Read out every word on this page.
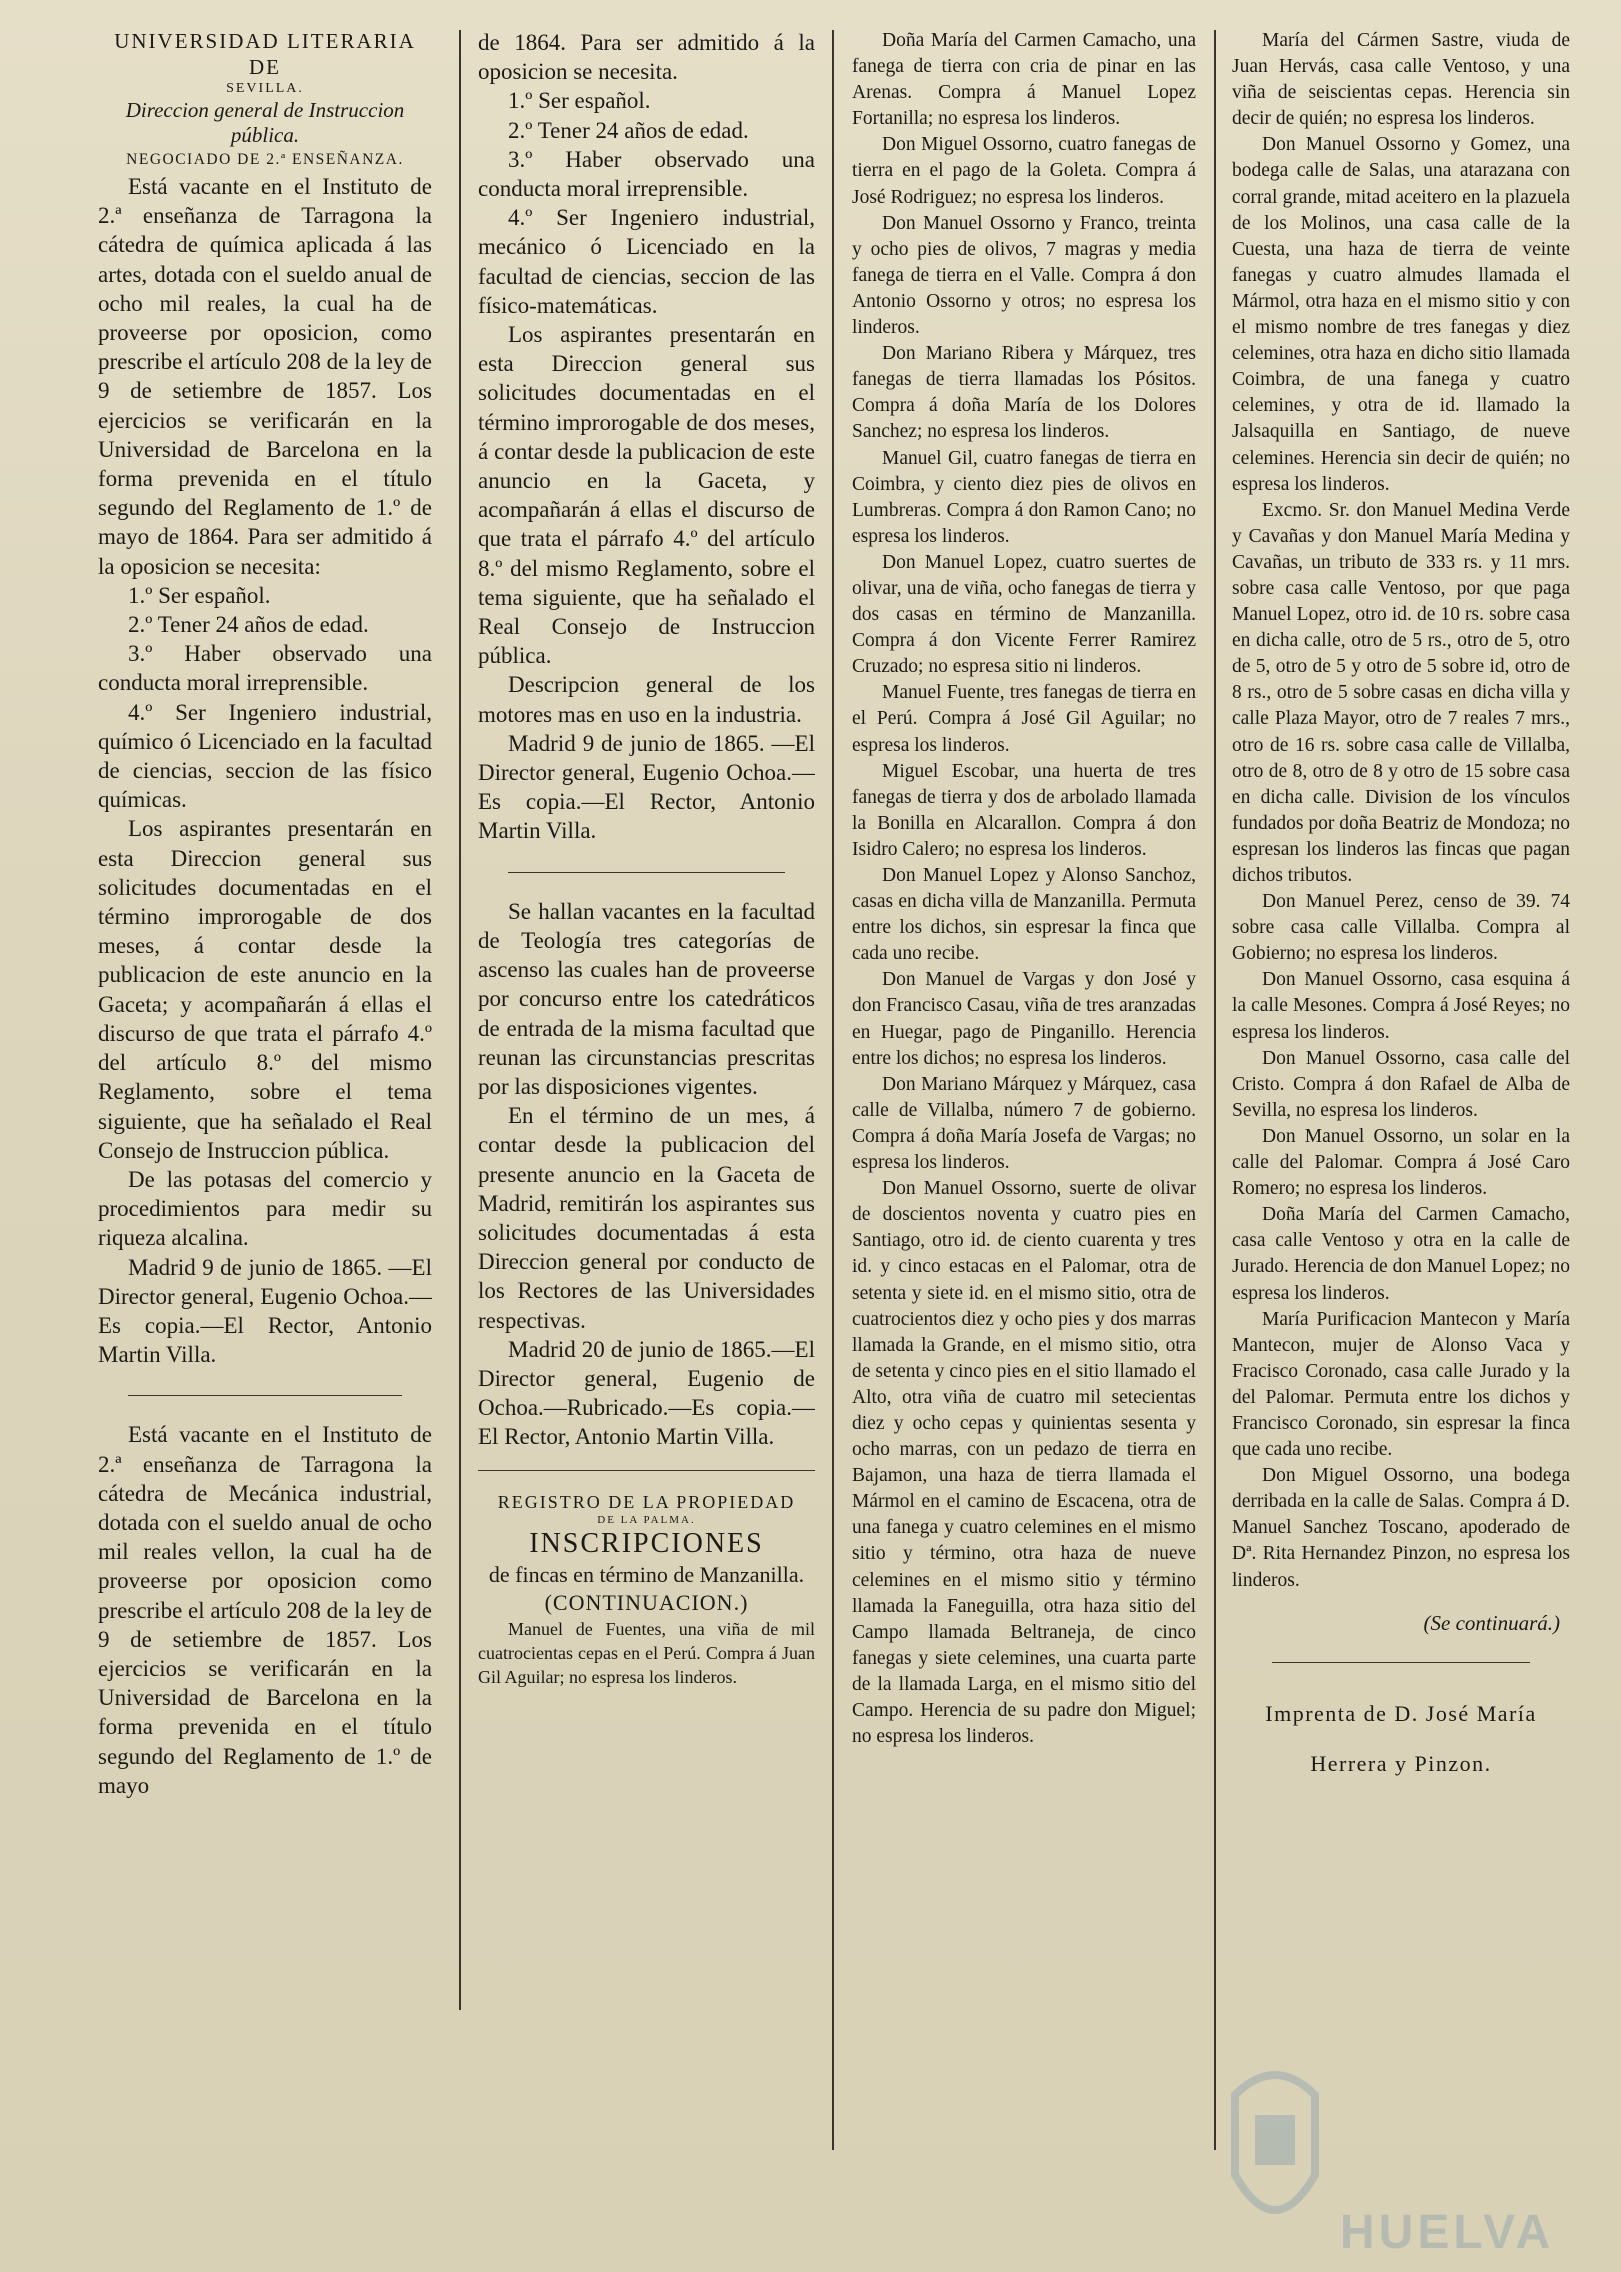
UNIVERSIDAD LITERARIA DE

SEVILLA.

Direccion general de Instruccion pública.

NEGOCIADO DE 2.ª ENSEÑANZA.

Está vacante en el Instituto de 2.ª enseñanza de Tarragona la cátedra de química aplicada á las artes, dotada con el sueldo anual de ocho mil reales, la cual ha de proveerse por oposicion, como prescribe el artículo 208 de la ley de 9 de setiembre de 1857. Los ejercicios se verificarán en la Universidad de Barcelona en la forma prevenida en el título segundo del Reglamento de 1.º de mayo de 1864. Para ser admitido á la oposicion se necesita:

1.º Ser español.

2.º Tener 24 años de edad.

3.º Haber observado una conducta moral irreprensible.

4.º Ser Ingeniero industrial, químico ó Licenciado en la facultad de ciencias, seccion de las físico químicas.

Los aspirantes presentarán en esta Direccion general sus solicitudes documentadas en el término improrogable de dos meses, á contar desde la publicacion de este anuncio en la Gaceta; y acompañarán á ellas el discurso de que trata el párrafo 4.º del artículo 8.º del mismo Reglamento, sobre el tema siguiente, que ha señalado el Real Consejo de Instruccion pública.

De las potasas del comercio y procedimientos para medir su riqueza alcalina.

Madrid 9 de junio de 1865. —El Director general, Eugenio Ochoa.—Es copia.—El Rector, Antonio Martin Villa.

Está vacante en el Instituto de 2.ª enseñanza de Tarragona la cátedra de Mecánica industrial, dotada con el sueldo anual de ocho mil reales vellon, la cual ha de proveerse por oposicion como prescribe el artículo 208 de la ley de 9 de setiembre de 1857. Los ejercicios se verificarán en la Universidad de Barcelona en la forma prevenida en el título segundo del Reglamento de 1.º de mayo

de 1864. Para ser admitido á la oposicion se necesita.

1.º Ser español.

2.º Tener 24 años de edad.

3.º Haber observado una conducta moral irreprensible.

4.º Ser Ingeniero industrial, mecánico ó Licenciado en la facultad de ciencias, seccion de las físico-matemáticas.

Los aspirantes presentarán en esta Direccion general sus solicitudes documentadas en el término improrogable de dos meses, á contar desde la publicacion de este anuncio en la Gaceta, y acompañarán á ellas el discurso de que trata el párrafo 4.º del artículo 8.º del mismo Reglamento, sobre el tema siguiente, que ha señalado el Real Consejo de Instruccion pública.

Descripcion general de los motores mas en uso en la industria.

Madrid 9 de junio de 1865. —El Director general, Eugenio Ochoa.—Es copia.—El Rector, Antonio Martin Villa.

Se hallan vacantes en la facultad de Teología tres categorías de ascenso las cuales han de proveerse por concurso entre los catedráticos de entrada de la misma facultad que reunan las circunstancias prescritas por las disposiciones vigentes.

En el término de un mes, á contar desde la publicacion del presente anuncio en la Gaceta de Madrid, remitirán los aspirantes sus solicitudes documentadas á esta Direccion general por conducto de los Rectores de las Universidades respectivas.

Madrid 20 de junio de 1865.—El Director general, Eugenio de Ochoa.—Rubricado.—Es copia.—El Rector, Antonio Martin Villa.

REGISTRO DE LA PROPIEDAD

DE LA PALMA.

INSCRIPCIONES

de fincas en término de Manzanilla.

(CONTINUACION.)

Manuel de Fuentes, una viña de mil cuatrocientas cepas en el Perú. Compra á Juan Gil Aguilar; no espresa los linderos.

Doña María del Carmen Camacho, una fanega de tierra con cria de pinar en las Arenas. Compra á Manuel Lopez Fortanilla; no espresa los linderos.

Don Miguel Ossorno, cuatro fanegas de tierra en el pago de la Goleta. Compra á José Rodriguez; no espresa los linderos.

Don Manuel Ossorno y Franco, treinta y ocho pies de olivos, 7 magras y media fanega de tierra en el Valle. Compra á don Antonio Ossorno y otros; no espresa los linderos.

Don Mariano Ribera y Márquez, tres fanegas de tierra llamadas los Pósitos. Compra á doña María de los Dolores Sanchez; no espresa los linderos.

Manuel Gil, cuatro fanegas de tierra en Coimbra, y ciento diez pies de olivos en Lumbreras. Compra á don Ramon Cano; no espresa los linderos.

Don Manuel Lopez, cuatro suertes de olivar, una de viña, ocho fanegas de tierra y dos casas en término de Manzanilla. Compra á don Vicente Ferrer Ramirez Cruzado; no espresa sitio ni linderos.

Manuel Fuente, tres fanegas de tierra en el Perú. Compra á José Gil Aguilar; no espresa los linderos.

Miguel Escobar, una huerta de tres fanegas de tierra y dos de arbolado llamada la Bonilla en Alcarallon. Compra á don Isidro Calero; no espresa los linderos.

Don Manuel Lopez y Alonso Sanchoz, casas en dicha villa de Manzanilla. Permuta entre los dichos, sin espresar la finca que cada uno recibe.

Don Manuel de Vargas y don José y don Francisco Casau, viña de tres aranzadas en Huegar, pago de Pinganillo. Herencia entre los dichos; no espresa los linderos.

Don Mariano Márquez y Márquez, casa calle de Villalba, número 7 de gobierno. Compra á doña María Josefa de Vargas; no espresa los linderos.

Don Manuel Ossorno, suerte de olivar de doscientos noventa y cuatro pies en Santiago, otro id. de ciento cuarenta y tres id. y cinco estacas en el Palomar, otra de setenta y siete id. en el mismo sitio, otra de cuatrocientos diez y ocho pies y dos marras llamada la Grande, en el mismo sitio, otra de setenta y cinco pies en el sitio llamado el Alto, otra viña de cuatro mil setecientas diez y ocho cepas y quinientas sesenta y ocho marras, con un pedazo de tierra en Bajamon, una haza de tierra llamada el Mármol en el camino de Escacena, otra de una fanega y cuatro celemines en el mismo sitio y término, otra haza de nueve celemines en el mismo sitio y término llamada la Faneguilla, otra haza sitio del Campo llamada Beltraneja, de cinco fanegas y siete celemines, una cuarta parte de la llamada Larga, en el mismo sitio del Campo. Herencia de su padre don Miguel; no espresa los linderos.

María del Cármen Sastre, viuda de Juan Hervás, casa calle Ventoso, y una viña de seiscientas cepas. Herencia sin decir de quién; no espresa los linderos.

Don Manuel Ossorno y Gomez, una bodega calle de Salas, una atarazana con corral grande, mitad aceitero en la plazuela de los Molinos, una casa calle de la Cuesta, una haza de tierra de veinte fanegas y cuatro almudes llamada el Mármol, otra haza en el mismo sitio y con el mismo nombre de tres fanegas y diez celemines, otra haza en dicho sitio llamada Coimbra, de una fanega y cuatro celemines, y otra de id. llamado la Jalsaquilla en Santiago, de nueve celemines. Herencia sin decir de quién; no espresa los linderos.

Excmo. Sr. don Manuel Medina Verde y Cavañas y don Manuel María Medina y Cavañas, un tributo de 333 rs. y 11 mrs. sobre casa calle Ventoso, por que paga Manuel Lopez, otro id. de 10 rs. sobre casa en dicha calle, otro de 5 rs., otro de 5, otro de 5, otro de 5 y otro de 5 sobre id, otro de 8 rs., otro de 5 sobre casas en dicha villa y calle Plaza Mayor, otro de 7 reales 7 mrs., otro de 16 rs. sobre casa calle de Villalba, otro de 8, otro de 8 y otro de 15 sobre casa en dicha calle. Division de los vínculos fundados por doña Beatriz de Mondoza; no espresan los linderos las fincas que pagan dichos tributos.

Don Manuel Perez, censo de 39. 74 sobre casa calle Villalba. Compra al Gobierno; no espresa los linderos.

Don Manuel Ossorno, casa esquina á la calle Mesones. Compra á José Reyes; no espresa los linderos.

Don Manuel Ossorno, casa calle del Cristo. Compra á don Rafael de Alba de Sevilla, no espresa los linderos.

Don Manuel Ossorno, un solar en la calle del Palomar. Compra á José Caro Romero; no espresa los linderos.

Doña María del Carmen Camacho, casa calle Ventoso y otra en la calle de Jurado. Herencia de don Manuel Lopez; no espresa los linderos.

María Purificacion Mantecon y María Mantecon, mujer de Alonso Vaca y Fracisco Coronado, casa calle Jurado y la del Palomar. Permuta entre los dichos y Francisco Coronado, sin espresar la finca que cada uno recibe.

Don Miguel Ossorno, una bodega derribada en la calle de Salas. Compra á D. Manuel Sanchez Toscano, apoderado de Dª. Rita Hernandez Pinzon, no espresa los linderos.

(Se continuará.)

Imprenta de D. José María

Herrera y Pinzon.

HUELVA
